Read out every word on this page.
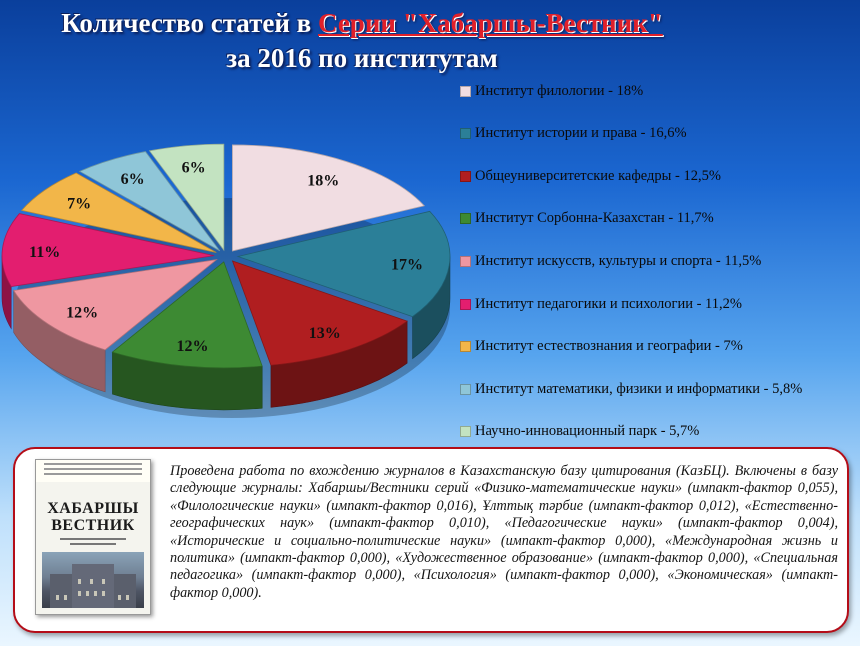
Количество статей в Серии "Хабаршы-Вестник"
за 2016 по институтам
18%
17%
13%
12%
12%
11%
7%
6%
6%
Институт филологии - 18%
Институт истории и права - 16,6%
Общеуниверситетские кафедры - 12,5%
Институт Сорбонна-Казахстан - 11,7%
Институт искусств, культуры и спорта - 11,5%
Институт педагогики и психологии - 11,2%
Институт естествознания и географии - 7%
Институт математики, физики и информатики - 5,8%
Научно-инновационный парк - 5,7%
ХАБАРШЫ
ВЕСТНИК
Проведена работа по вхождению журналов в Казахстанскую базу цитирования (КазБЦ). Включены в базу следующие журналы: Хабаршы/Вестники серий «Физико-математические науки» (импакт-фактор 0,055), «Филологические науки» (импакт-фактор 0,016), Ұлттық тәрбие (импакт-фактор 0,012), «Естественно-географических наук» (импакт-фактор 0,010), «Педагогические науки» (импакт-фактор 0,004), «Исторические и социально-политические науки» (импакт-фактор 0,000), «Международная жизнь и политика» (импакт-фактор 0,000), «Художественное образование» (импакт-фактор 0,000), «Специальная педагогика» (импакт-фактор 0,000), «Психология» (импакт-фактор 0,000), «Экономическая» (импакт-фактор 0,000).
